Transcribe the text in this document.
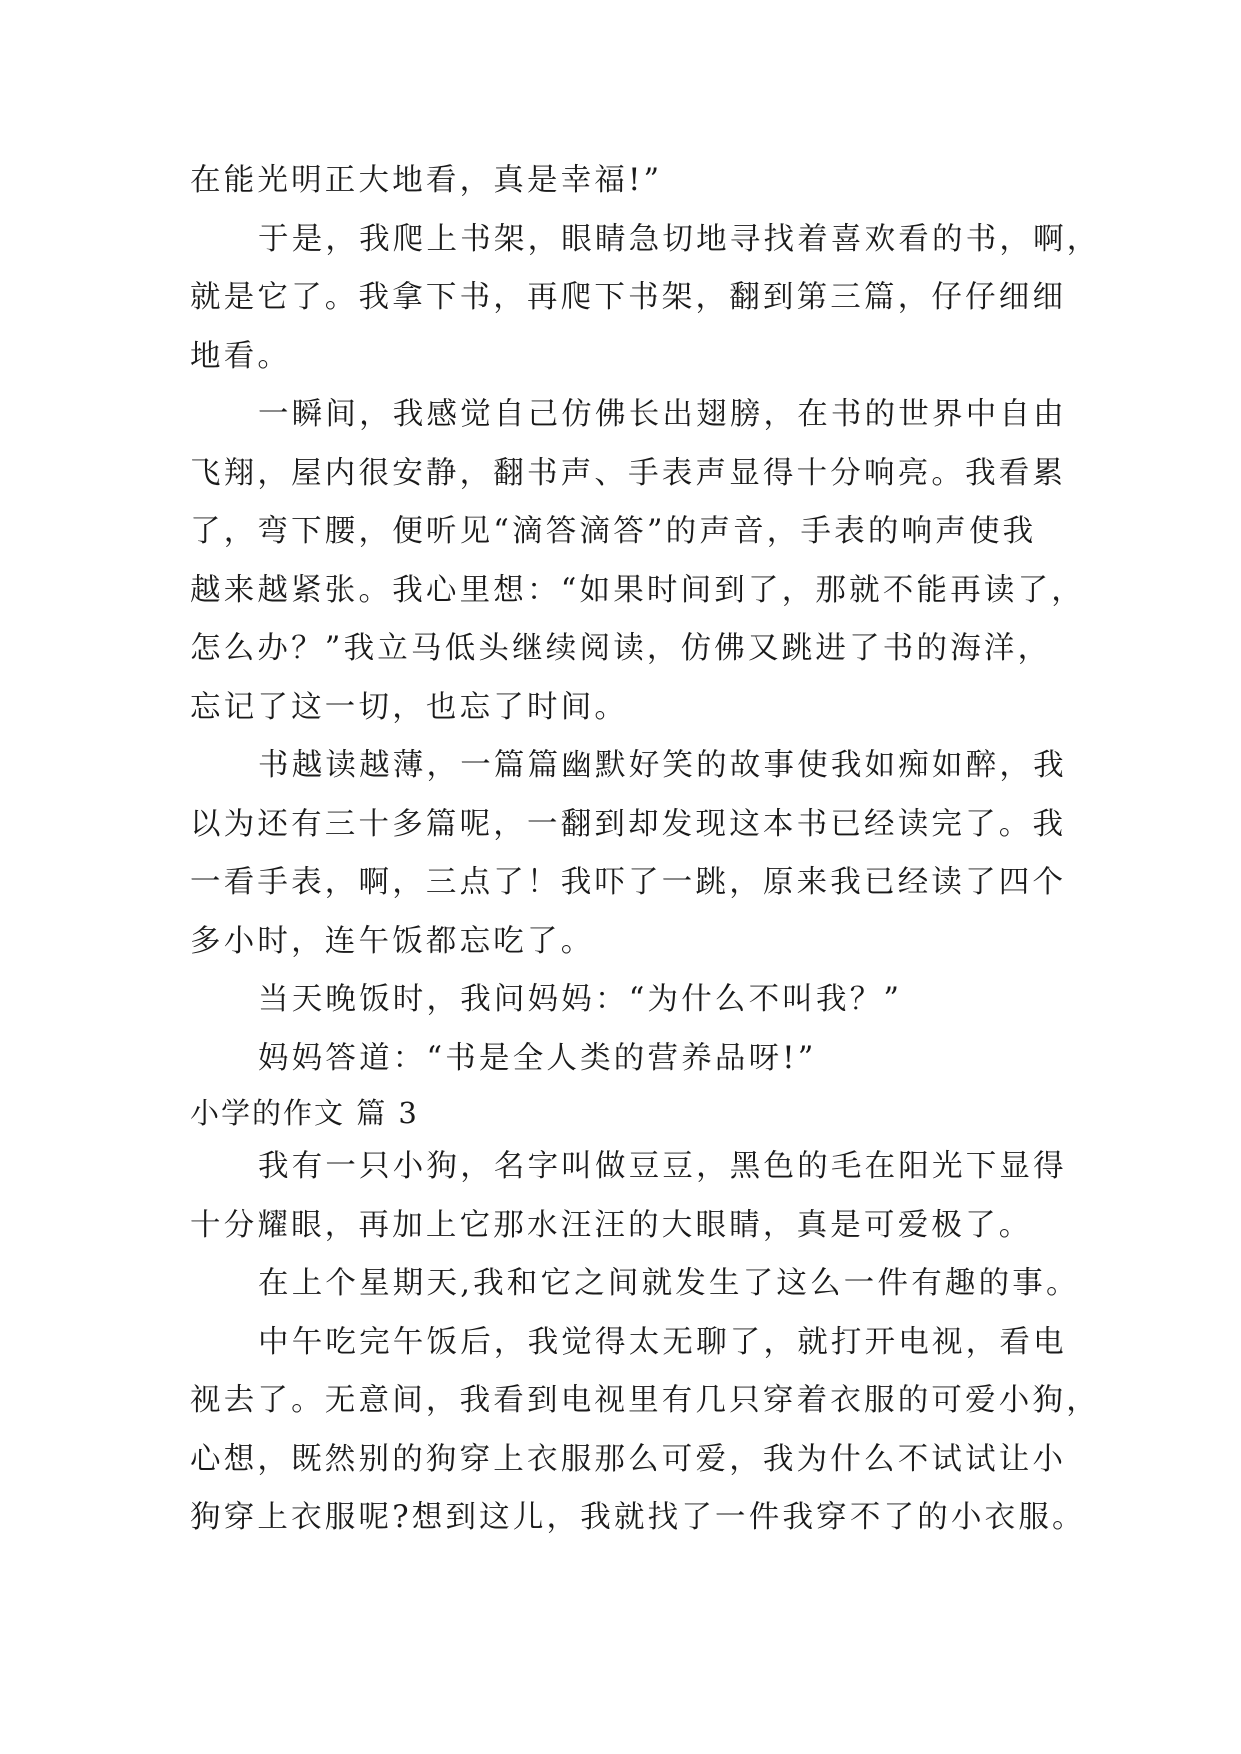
在能光明正大地看，真是幸福!”
于是，我爬上书架，眼睛急切地寻找着喜欢看的书，啊，
就是它了。我拿下书，再爬下书架，翻到第三篇，仔仔细细
地看。
一瞬间，我感觉自己仿佛长出翅膀，在书的世界中自由
飞翔，屋内很安静，翻书声、手表声显得十分响亮。我看累
了，弯下腰，便听见“滴答滴答”的声音，手表的响声使我
越来越紧张。我心里想：“如果时间到了，那就不能再读了，
怎么办？”我立马低头继续阅读，仿佛又跳进了书的海洋，
忘记了这一切，也忘了时间。
书越读越薄，一篇篇幽默好笑的故事使我如痴如醉，我
以为还有三十多篇呢，一翻到却发现这本书已经读完了。我
一看手表，啊，三点了！我吓了一跳，原来我已经读了四个
多小时，连午饭都忘吃了。
当天晚饭时，我问妈妈：“为什么不叫我？”
妈妈答道：“书是全人类的营养品呀!”
小学的作文 篇 3
我有一只小狗，名字叫做豆豆，黑色的毛在阳光下显得
十分耀眼，再加上它那水汪汪的大眼睛，真是可爱极了。
在上个星期天,我和它之间就发生了这么一件有趣的事。
中午吃完午饭后，我觉得太无聊了，就打开电视，看电
视去了。无意间，我看到电视里有几只穿着衣服的可爱小狗，
心想，既然别的狗穿上衣服那么可爱，我为什么不试试让小
狗穿上衣服呢?想到这儿，我就找了一件我穿不了的小衣服。
